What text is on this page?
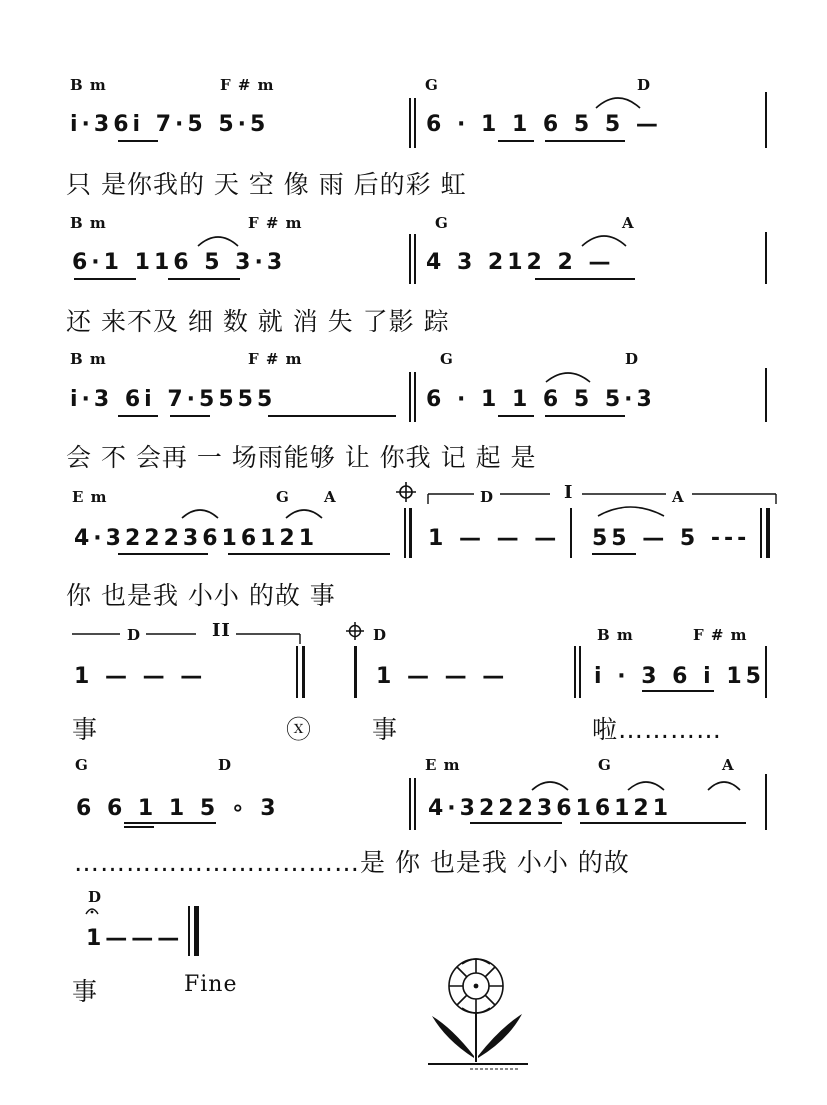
B m	F # m	G	D
i·36i 7·5 5·5	6 · 1 1 6 5 5 —
只 是你我的 天 空 像 雨 后的彩 虹
B m	F # m	G	A
6·1 116 5 3·3	4 3 212 2 —
还 来不及 细 数 就 消 失 了影 踪
B m	F # m	G	D
i·3 6i 7·5555	6 · 1 1 6 5 5·3
会 不 会再 一 场雨能够 让 你我 记 起 是
E m	G A	D	A
I
4·32223616121	1 — — — 55 — 5 ---
你 也是我 小小 的故 事
D	II	D	B m	F # m
1 — — —	1 — — —	i · 3 6 i 15
事	ⓧ 事	啦…………
G	D	E m	G	A
6 6 1 1 5 ∘ 3	4·32223616121
……………………………是 你 也是我 小小 的故
D
1———
事	Fine
